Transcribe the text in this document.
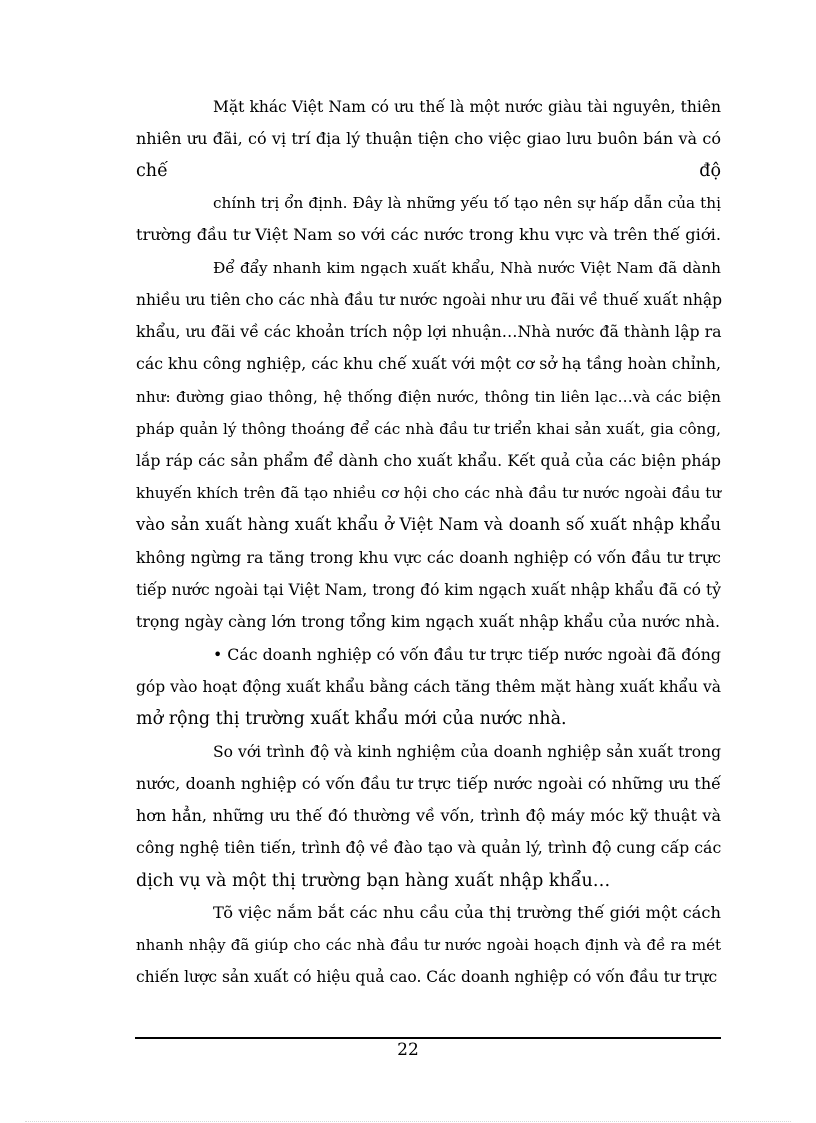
Mặt khác Việt Nam có ưu thế là một nước giàu tài nguyên, thiên
nhiên ưu đãi, có vị trí địa lý thuận tiện cho việc giao lưu buôn bán và có
chế	độ
chính trị ổn định. Đây là những yếu tố tạo nên sự hấp dẫn của thị
trường đầu tư Việt Nam so với các nước trong khu vực và trên thế giới.
Để đẩy nhanh kim ngạch xuất khẩu, Nhà nước Việt Nam đã dành
nhiều ưu tiên cho các nhà đầu tư nước ngoài như ưu đãi về thuế xuất nhập
khẩu, ưu đãi về các khoản trích nộp lợi nhuận…Nhà nước đã thành lập ra
các khu công nghiệp, các khu chế xuất với một cơ sở hạ tầng hoàn chỉnh,
như: đường giao thông, hệ thống điện nước, thông tin liên lạc…và các biện
pháp quản lý thông thoáng để các nhà đầu tư triển khai sản xuất, gia công,
lắp ráp các sản phẩm để dành cho xuất khẩu. Kết quả của các biện pháp
khuyến khích trên đã tạo nhiều cơ hội cho các nhà đầu tư nước ngoài đầu tư
vào sản xuất hàng xuất khẩu ở Việt Nam và doanh số xuất nhập khẩu
không ngừng ra tăng trong khu vực các doanh nghiệp có vốn đầu tư trực
tiếp nước ngoài tại Việt Nam, trong đó kim ngạch xuất nhập khẩu đã có tỷ
trọng ngày càng lớn trong tổng kim ngạch xuất nhập khẩu của nước nhà.
• Các doanh nghiệp có vốn đầu tư trực tiếp nước ngoài đã đóng
góp vào hoạt động xuất khẩu bằng cách tăng thêm mặt hàng xuất khẩu và
mở rộng thị trường xuất khẩu mới của nước nhà.
So với trình độ và kinh nghiệm của doanh nghiệp sản xuất trong
nước, doanh nghiệp có vốn đầu tư trực tiếp nước ngoài có những ưu thế
hơn hẳn, những ưu thế đó thường về vốn, trình độ máy móc kỹ thuật và
công nghệ tiên tiến, trình độ về đào tạo và quản lý, trình độ cung cấp các
dịch vụ và một thị trường bạn hàng xuất nhập khẩu…
Tõ việc nắm bắt các nhu cầu của thị trường thế giới một cách
nhanh nhậy đã giúp cho các nhà đầu tư nước ngoài hoạch định và đề ra mét
chiến lược sản xuất có hiệu quả cao. Các doanh nghiệp có vốn đầu tư trực
22
